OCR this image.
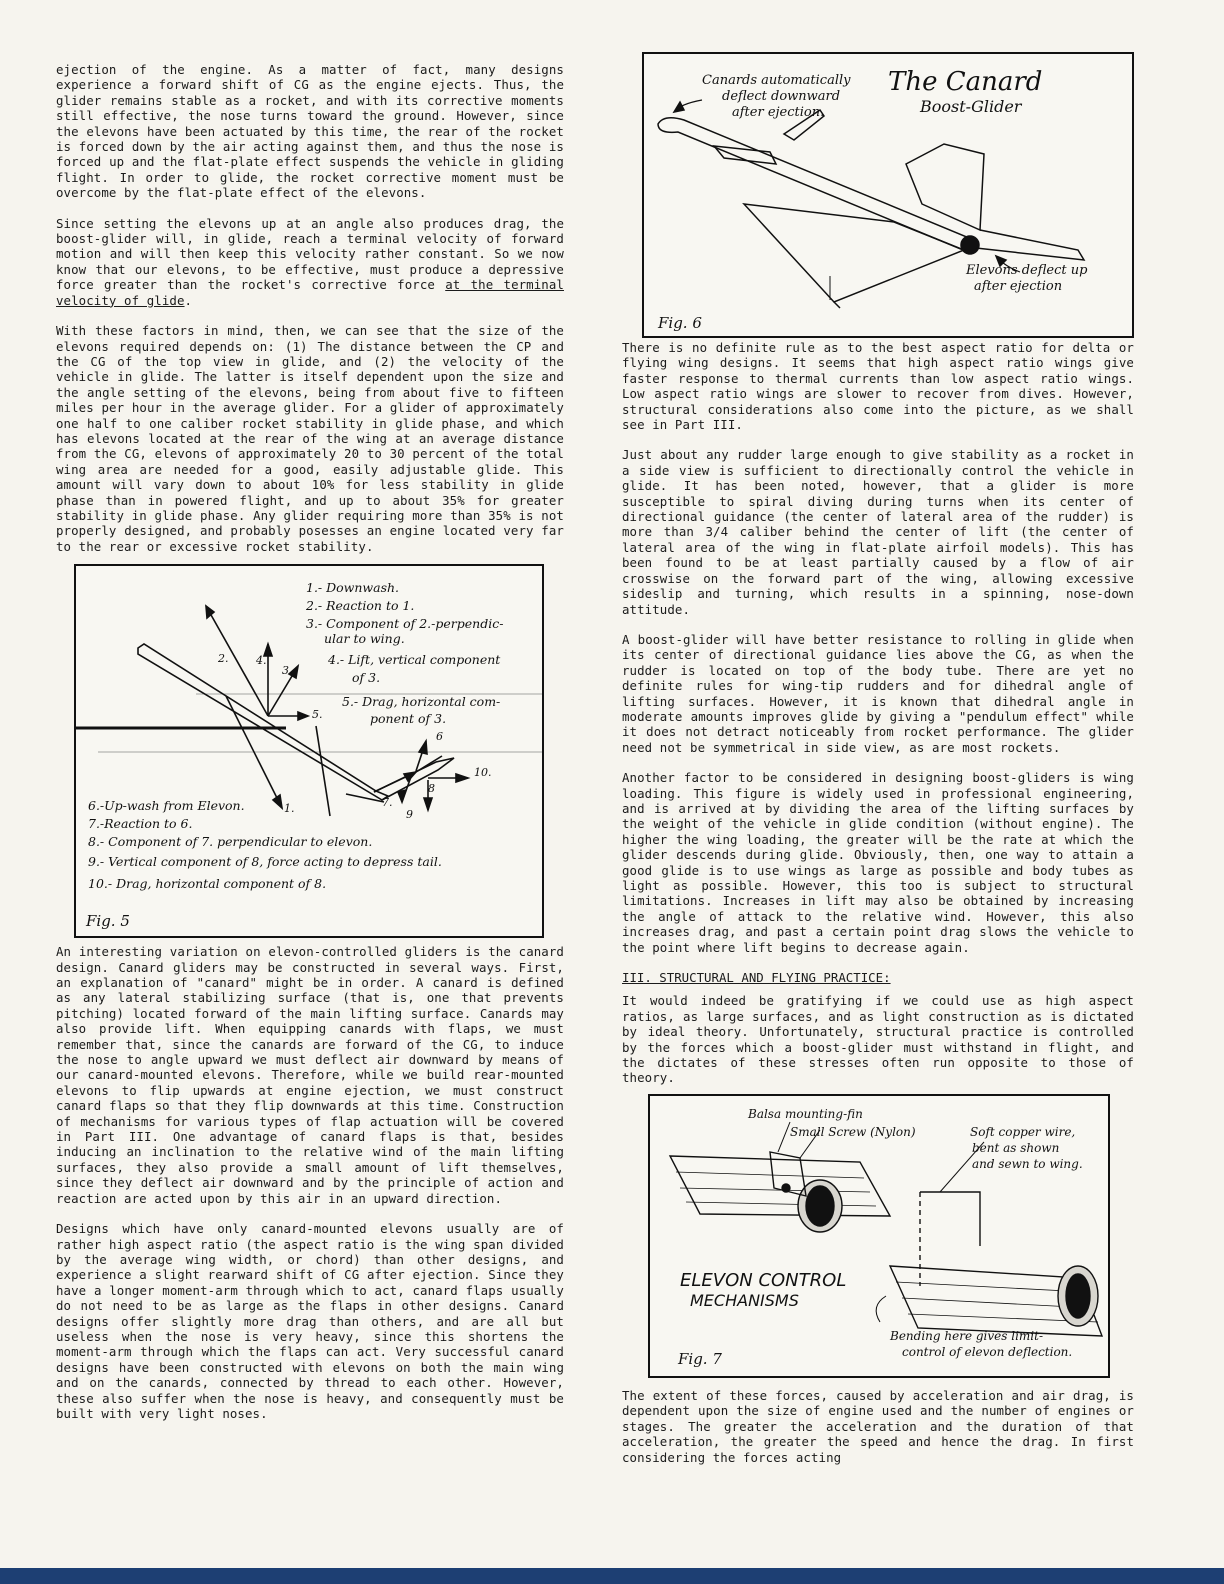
ejection of the engine. As a matter of fact, many designs experience a forward shift of CG as the engine ejects. Thus, the glider remains stable as a rocket, and with its corrective moments still effective, the nose turns toward the ground. However, since the elevons have been actuated by this time, the rear of the rocket is forced down by the air acting against them, and thus the nose is forced up and the flat-plate effect suspends the vehicle in gliding flight. In order to glide, the rocket corrective moment must be overcome by the flat-plate effect of the elevons.

Since setting the elevons up at an angle also produces drag, the boost-glider will, in glide, reach a terminal velocity of forward motion and will then keep this velocity rather constant. So we now know that our elevons, to be effective, must produce a depressive force greater than the rocket's corrective force at the terminal velocity of glide.

With these factors in mind, then, we can see that the size of the elevons required depends on: (1) The distance between the CP and the CG of the top view in glide, and (2) the velocity of the vehicle in glide. The latter is itself dependent upon the size and the angle setting of the elevons, being from about five to fifteen miles per hour in the average glider. For a glider of approximately one half to one caliber rocket stability in glide phase, and which has elevons located at the rear of the wing at an average distance from the CG, elevons of approximately 20 to 30 percent of the total wing area are needed for a good, easily adjustable glide. This amount will vary down to about 10% for less stability in glide phase than in powered flight, and up to about 35% for greater stability in glide phase. Any glider requiring more than 35% is not properly designed, and probably posesses an engine located very far to the rear or excessive rocket stability.

2.	4.
3.
5.
1.
6
7.
8
9
10.
1.- Downwash.
2.- Reaction to 1.
3.- Component of 2.-perpendic-
ular to wing.
4.- Lift, vertical component
of 3.
5.- Drag, horizontal com-
ponent of 3.
6.-Up-wash from Elevon.
7.-Reaction to 6.
8.- Component of 7. perpendicular to elevon.
9.- Vertical component of 8, force acting to depress tail.
10.- Drag, horizontal component of 8.
Fig. 5

An interesting variation on elevon-controlled gliders is the canard design. Canard gliders may be constructed in several ways. First, an explanation of "canard" might be in order. A canard is defined as any lateral stabilizing surface (that is, one that prevents pitching) located forward of the main lifting surface. Canards may also provide lift. When equipping canards with flaps, we must remember that, since the canards are forward of the CG, to induce the nose to angle upward we must deflect air downward by means of our canard-mounted elevons. Therefore, while we build rear-mounted elevons to flip upwards at engine ejection, we must construct canard flaps so that they flip downwards at this time. Construction of mechanisms for various types of flap actuation will be covered in Part III. One advantage of canard flaps is that, besides inducing an inclination to the relative wind of the main lifting surfaces, they also provide a small amount of lift themselves, since they deflect air downward and by the principle of action and reaction are acted upon by this air in an upward direction.

Designs which have only canard-mounted elevons usually are of rather high aspect ratio (the aspect ratio is the wing span divided by the average wing width, or chord) than other designs, and experience a slight rearward shift of CG after ejection. Since they have a longer moment-arm through which to act, canard flaps usually do not need to be as large as the flaps in other designs. Canard designs offer slightly more drag than others, and are all but useless when the nose is very heavy, since this shortens the moment-arm through which the flaps can act. Very successful canard designs have been constructed with elevons on both the main wing and on the canards, connected by thread to each other. However, these also suffer when the nose is heavy, and consequently must be built with very light noses.

Canards automatically
deflect downward
after ejection.
The Canard
Boost-Glider
Elevons deflect up
after ejection
Fig. 6

There is no definite rule as to the best aspect ratio for delta or flying wing designs. It seems that high aspect ratio wings give faster response to thermal currents than low aspect ratio wings. Low aspect ratio wings are slower to recover from dives. However, structural considerations also come into the picture, as we shall see in Part III.

Just about any rudder large enough to give stability as a rocket in a side view is sufficient to directionally control the vehicle in glide. It has been noted, however, that a glider is more susceptible to spiral diving during turns when its center of directional guidance (the center of lateral area of the rudder) is more than 3/4 caliber behind the center of lift (the center of lateral area of the wing in flat-plate airfoil models). This has been found to be at least partially caused by a flow of air crosswise on the forward part of the wing, allowing excessive sideslip and turning, which results in a spinning, nose-down attitude.

A boost-glider will have better resistance to rolling in glide when its center of directional guidance lies above the CG, as when the rudder is located on top of the body tube. There are yet no definite rules for wing-tip rudders and for dihedral angle of lifting surfaces. However, it is known that dihedral angle in moderate amounts improves glide by giving a "pendulum effect" while it does not detract noticeably from rocket performance. The glider need not be symmetrical in side view, as are most rockets.

Another factor to be considered in designing boost-gliders is wing loading. This figure is widely used in professional engineering, and is arrived at by dividing the area of the lifting surfaces by the weight of the vehicle in glide condition (without engine). The higher the wing loading, the greater will be the rate at which the glider descends during glide. Obviously, then, one way to attain a good glide is to use wings as large as possible and body tubes as light as possible. However, this too is subject to structural limitations. Increases in lift may also be obtained by increasing the angle of attack to the relative wind. However, this also increases drag, and past a certain point drag slows the vehicle to the point where lift begins to decrease again.

III. STRUCTURAL AND FLYING PRACTICE:

It would indeed be gratifying if we could use as high aspect ratios, as large surfaces, and as light construction as is dictated by ideal theory. Unfortunately, structural practice is controlled by the forces which a boost-glider must withstand in flight, and the dictates of these stresses often run opposite to those of theory.

Balsa mounting-fin
Small Screw (Nylon)	Soft copper wire,
bent as shown
and sewn to wing.
Bending here gives limit-
control of elevon deflection.
ELEVON CONTROL
MECHANISMS
Fig. 7

The extent of these forces, caused by acceleration and air drag, is dependent upon the size of engine used and the number of engines or stages. The greater the acceleration and the duration of that acceleration, the greater the speed and hence the drag. In first considering the forces acting
